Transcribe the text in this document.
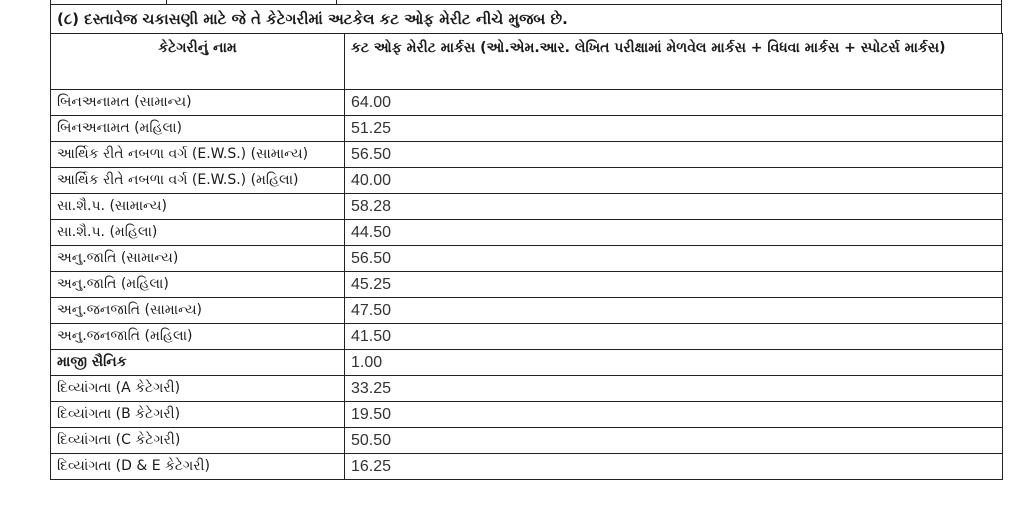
(૮) દસ્તાવેજ ચકાસણી માટે જે તે કેટેગરીમાં અટકેલ કટ ઓફ મેરીટ નીચે મુજબ છે.
કેટેગરીનું નામ	કટ ઓફ મેરીટ માર્કસ (ઓ.એમ.આર. લેખિત પરીક્ષામાં મેળવેલ માર્કસ + વિધવા માર્કસ + સ્પોટર્સ માર્કસ)
બિનઅનામત (સામાન્ય)	64.00
બિનઅનામત (મહિલા)	51.25
આર્થિક રીતે નબળા વર્ગ (E.W.S.) (સામાન્ય)	56.50
આર્થિક રીતે નબળા વર્ગ (E.W.S.) (મહિલા)	40.00
સા.શૈ.પ. (સામાન્ય)	58.28
સા.શૈ.પ. (મહિલા)	44.50
અનુ.જાતિ (સામાન્ય)	56.50
અનુ.જાતિ (મહિલા)	45.25
અનુ.જનજાતિ (સામાન્ય)	47.50
અનુ.જનજાતિ (મહિલા)	41.50
માજી સૈનિક	1.00
દિવ્યાંગતા (A કેટેગરી)	33.25
દિવ્યાંગતા (B કેટેગરી)	19.50
દિવ્યાંગતા (C કેટેગરી)	50.50
દિવ્યાંગતા (D & E કેટેગરી)	16.25
